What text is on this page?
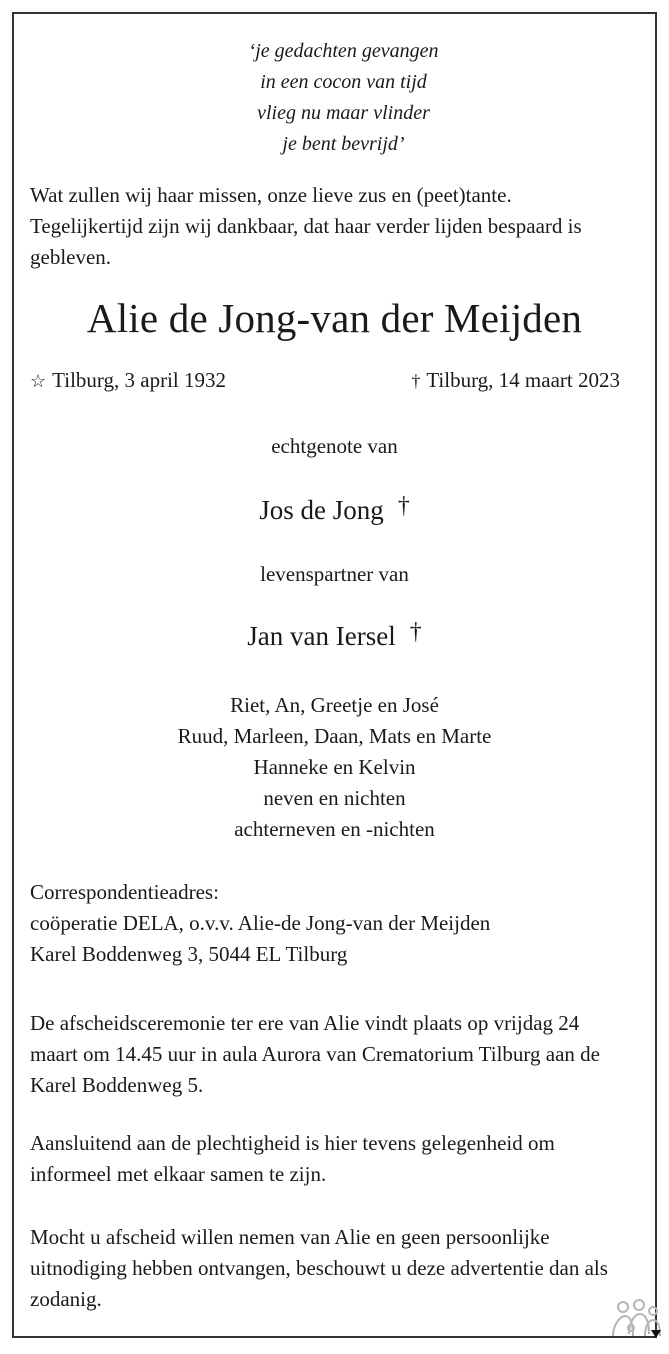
‘je gedachten gevangen
in een cocon van tijd
vlieg nu maar vlinder
je bent bevrijd’

Wat zullen wij haar missen, onze lieve zus en (peet)tante. Tegelijkertijd zijn wij dankbaar, dat haar verder lijden bespaard is gebleven.

Alie de Jong-van der Meijden
☆ Tilburg, 3 april 1932	† Tilburg, 14 maart 2023
echtgenote van
Jos de Jong †
levenspartner van
Jan van Iersel †
Riet, An, Greetje en José
Ruud, Marleen, Daan, Mats en Marte
Hanneke en Kelvin
neven en nichten
achterneven en -nichten
Correspondentieadres:
coöperatie DELA, o.v.v. Alie-de Jong-van der Meijden
Karel Boddenweg 3, 5044 EL Tilburg

De afscheidsceremonie ter ere van Alie vindt plaats op vrijdag 24 maart om 14.45 uur in aula Aurora van Crematorium Tilburg aan de Karel Boddenweg 5.

Aansluitend aan de plechtigheid is hier tevens gelegenheid om informeel met elkaar samen te zijn.

Mocht u afscheid willen nemen van Alie en geen persoonlijke uitnodiging hebben ontvangen, beschouwt u deze advertentie dan als zodanig.
